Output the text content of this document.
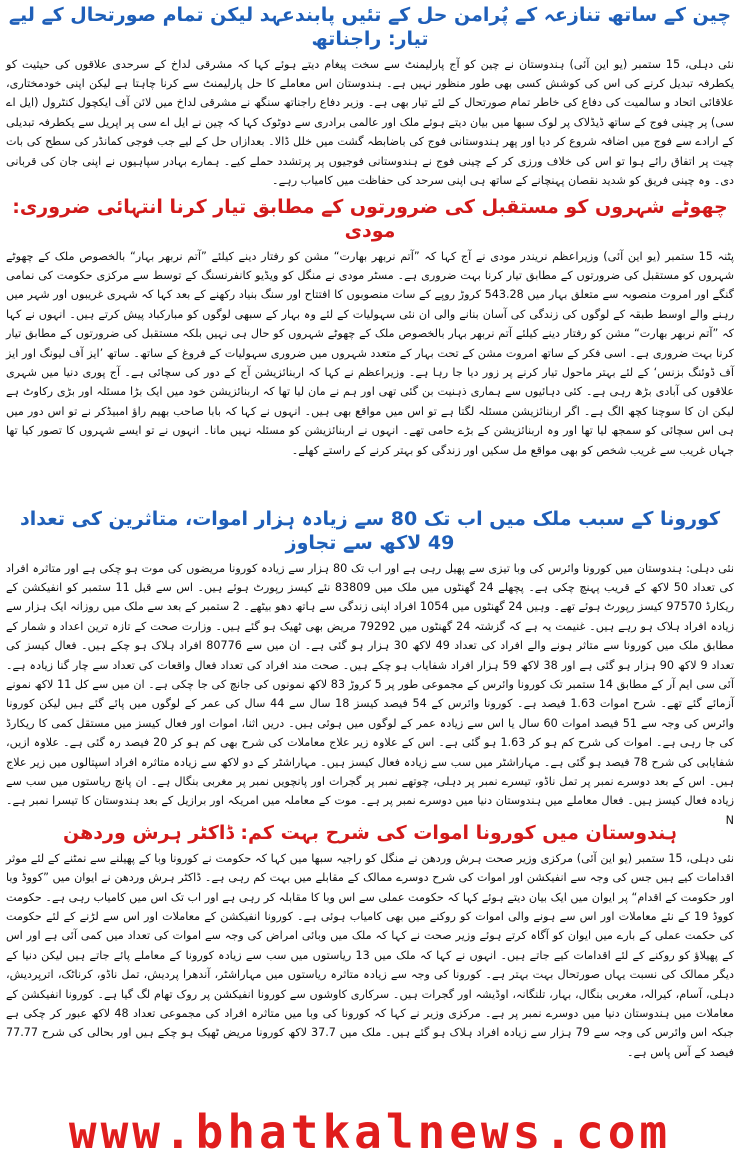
چین کے ساتھ تنازعہ کے پُرامن حل کے تئیں پابندعہد لیکن تمام صورتحال کے لیے تیار: راجناتھ

نئی دہلی، 15 ستمبر (یو این آئی) ہندوستان نے چین کو آج پارلیمنٹ سے سخت پیغام دیتے ہوئے کہا کہ مشرقی لداخ کے سرحدی علاقوں کی حیثیت کو یکطرفہ تبدیل کرنے کی اس کی کوشش کسی بھی طور منظور نہیں ہے۔ ہندوستان اس معاملے کا حل پارلیمنٹ سے کرنا چاہتا ہے لیکن اپنی خودمختاری، علاقائی اتحاد و سالمیت کی دفاع کی خاطر تمام صورتحال کے لئے تیار بھی ہے۔ وزیر دفاع راجناتھ سنگھ نے مشرقی لداخ میں لائن آف ایکچول کنٹرول (ایل اے سی) پر چینی فوج کے ساتھ ڈیڈلاک پر لوک سبھا میں بیان دیتے ہوئے ملک اور عالمی برادری سے دوٹوک کہا کہ چین نے ایل اے سی پر اپریل سے یکطرفہ تبدیلی کے ارادے سے فوج میں اضافہ شروع کر دیا اور پھر ہندوستانی فوج کی باضابطہ گشت میں خلل ڈالا۔ بعدازاں حل کے لیے جب فوجی کمانڈر کی سطح کی بات چیت پر اتفاق رائے ہوا تو اس کی خلاف ورزی کر کے چینی فوج نے ہندوستانی فوجیوں پر پرتشدد حملے کیے۔ ہمارے بہادر سپاہیوں نے اپنی جان کی قربانی دی۔ وہ چینی فریق کو شدید نقصان پہنچانے کے ساتھ ہی اپنی سرحد کی حفاظت میں کامیاب رہے۔

چھوٹے شہروں کو مستقبل کی ضرورتوں کے مطابق تیار کرنا انتہائی ضروری: مودی

پٹنہ 15 ستمبر (یو این آئی) وزیراعظم نریندر مودی نے آج کہا کہ ”آتم نربھر بھارت“ مشن کو رفتار دینے کیلئے ”آتم نربھر بہار“ بالخصوص ملک کے چھوٹے شہروں کو مستقبل کی ضرورتوں کے مطابق تیار کرنا بہت ضروری ہے۔ مسٹر مودی نے منگل کو ویڈیو کانفرنسنگ کے توسط سے مرکزی حکومت کی نمامی گنگے اور امروت منصوبہ سے متعلق بہار میں 543.28 کروڑ روپے کے سات منصوبوں کا افتتاح اور سنگ بنیاد رکھنے کے بعد کہا کہ شہری غریبوں اور شہر میں رہنے والے اوسط طبقہ کے لوگوں کی زندگی کی آسان بنانے والی ان نئی سہولیات کے لئے وہ بہار کے سبھی لوگوں کو مبارکباد پیش کرتے ہیں۔ انہوں نے کہا کہ ”آتم نربھر بھارت“ مشن کو رفتار دینے کیلئے آتم نربھر بہار بالخصوص ملک کے چھوٹے شہروں کو حال ہی نہیں بلکہ مستقبل کی ضرورتوں کے مطابق تیار کرنا بہت ضروری ہے۔ اسی فکر کے ساتھ امروت مشن کے تحت بہار کے متعدد شہروں میں ضروری سہولیات کے فروغ کے ساتھ۔ ساتھ ’ایز آف لیونگ اور ایز آف ڈوئنگ بزنس‘ کے لئے بہتر ماحول تیار کرنے پر زور دیا جا رہا ہے۔ وزیراعظم نے کہا کہ اربنائزیشن آج کے دور کی سچائی ہے۔ آج پوری دنیا میں شہری علاقوں کی آبادی بڑھ رہی ہے۔ کئی دہائیوں سے ہماری ذہنیت بن گئی تھی اور ہم نے مان لیا تھا کہ اربنائزیشن خود میں ایک بڑا مسئلہ اور بڑی رکاوٹ ہے لیکن ان کا سوچنا کچھ الگ ہے۔ اگر اربنائزیشن مسئلہ لگتا ہے تو اس میں مواقع بھی ہیں۔ انہوں نے کہا کہ بابا صاحب بھیم راؤ امبیڈکر نے تو اس دور میں ہی اس سچائی کو سمجھ لیا تھا اور وہ اربنائزیشن کے بڑے حامی تھے۔ انہوں نے اربنائزیشن کو مسئلہ نہیں مانا۔ انہوں نے تو ایسے شہروں کا تصور کیا تھا جہاں غریب سے غریب شخص کو بھی مواقع مل سکیں اور زندگی کو بہتر کرنے کے راستے کھلے۔

کورونا کے سبب ملک میں اب تک 80 سے زیادہ ہزار اموات، متاثرین کی تعداد 49 لاکھ سے تجاوز

نئی دہلی: ہندوستان میں کورونا وائرس کی وبا تیزی سے پھیل رہی ہے اور اب تک 80 ہزار سے زیادہ کورونا مریضوں کی موت ہو چکی ہے اور متاثرہ افراد کی تعداد 50 لاکھ کے قریب پہنچ چکی ہے۔ پچھلے 24 گھنٹوں میں ملک میں 83809 نئے کیسز رپورٹ ہوئے ہیں۔ اس سے قبل 11 ستمبر کو انفیکشن کے ریکارڈ 97570 کیسز رپورٹ ہوئے تھے۔ وہیں 24 گھنٹوں میں 1054 افراد اپنی زندگی سے ہاتھ دھو بیٹھے۔ 2 ستمبر کے بعد سے ملک میں روزانہ ایک ہزار سے زیادہ افراد ہلاک ہو رہے ہیں۔ غنیمت یہ ہے کہ گزشتہ 24 گھنٹوں میں 79292 مریض بھی ٹھیک ہو گئے ہیں۔ وزارت صحت کے تازہ ترین اعداد و شمار کے مطابق ملک میں کورونا سے متاثر ہونے والے افراد کی تعداد 49 لاکھ 30 ہزار ہو گئی ہے۔ ان میں سے 80776 افراد ہلاک ہو چکے ہیں۔ فعال کیسز کی تعداد 9 لاکھ 90 ہزار ہو گئی ہے اور 38 لاکھ 59 ہزار افراد شفایاب ہو چکے ہیں۔ صحت مند افراد کی تعداد فعال واقعات کی تعداد سے چار گنا زیادہ ہے۔ آئی سی ایم آر کے مطابق 14 ستمبر تک کورونا وائرس کے مجموعی طور پر 5 کروڑ 83 لاکھ نمونوں کی جانچ کی جا چکی ہے۔ ان میں سے کل 11 لاکھ نمونے آزمائے گئے تھے۔ شرح اموات 1.63 فیصد ہے۔ کورونا وائرس کے 54 فیصد کیسز 18 سال سے 44 سال کی عمر کے لوگوں میں پائے گئے ہیں لیکن کورونا وائرس کی وجہ سے 51 فیصد اموات 60 سال یا اس سے زیادہ عمر کے لوگوں میں ہوئی ہیں۔ دریں اثنا، اموات اور فعال کیسز میں مستقل کمی کا ریکارڈ کی جا رہی ہے۔ اموات کی شرح کم ہو کر 1.63 ہو گئی ہے۔ اس کے علاوہ زیر علاج معاملات کی شرح بھی کم ہو کر 20 فیصد رہ گئی ہے۔ علاوہ ازیں، شفایابی کی شرح 78 فیصد ہو گئی ہے۔ مہاراشٹر میں سب سے زیادہ فعال کیسز ہیں۔ مہاراشٹر کے دو لاکھ سے زیادہ متاثرہ افراد اسپتالوں میں زیر علاج ہیں۔ اس کے بعد دوسرے نمبر پر تمل ناڈو، تیسرے نمبر پر دہلی، چوتھے نمبر پر گجرات اور پانچویں نمبر پر مغربی بنگال ہے۔ ان پانچ ریاستوں میں سب سے زیادہ فعال کیسز ہیں۔ فعال معاملے میں ہندوستان دنیا میں دوسرے نمبر پر ہے۔ موت کے معاملہ میں امریکہ اور برازیل کے بعد ہندوستان کا تیسرا نمبر ہے۔ N

ہندوستان میں کورونا اموات کی شرح بہت کم: ڈاکٹر ہرش وردھن

نئی دہلی، 15 ستمبر (یو این آئی) مرکزی وزیر صحت ہرش وردھن نے منگل کو راجیہ سبھا میں کہا کہ حکومت نے کورونا وبا کے پھیلنے سے نمٹنے کے لئے موثر اقدامات کیے ہیں جس کی وجہ سے انفیکشن اور اموات کی شرح دوسرے ممالک کے مقابلے میں بہت کم رہی ہے۔ ڈاکٹر ہرش وردھن نے ایوان میں ”کووڈ وبا اور حکومت کے اقدام“ پر ایوان میں ایک بیان دیتے ہوئے کہا کہ حکومت عملی سے اس وبا کا مقابلہ کر رہی ہے اور اب تک اس میں کامیاب رہی ہے۔ حکومت کووڈ 19 کے نئے معاملات اور اس سے ہونے والی اموات کو روکنے میں بھی کامیاب ہوئی ہے۔ کورونا انفیکشن کے معاملات اور اس سے لڑنے کے لئے حکومت کی حکمت عملی کے بارے میں ایوان کو آگاہ کرتے ہوئے وزیر صحت نے کہا کہ ملک میں وبائی امراض کی وجہ سے اموات کی تعداد میں کمی آئی ہے اور اس کے پھیلاؤ کو روکنے کے لئے اقدامات کیے جاتے ہیں۔ انہوں نے کہا کہ ملک میں 13 ریاستوں میں سب سے زیادہ کورونا کے معاملے پائے جاتے ہیں لیکن دنیا کے دیگر ممالک کی نسبت یہاں صورتحال بہت بہتر ہے۔ کورونا کی وجہ سے زیادہ متاثرہ ریاستوں میں مہاراشٹر، آندھرا پردیش، تمل ناڈو، کرناٹک، اترپردیش، دہلی، آسام، کیرالہ، مغربی بنگال، بہار، تلنگانہ، اوڈیشہ اور گجرات ہیں۔ سرکاری کاوشوں سے کورونا انفیکشن پر روک تھام لگ گیا ہے۔ کورونا انفیکشن کے معاملات میں ہندوستان دنیا میں دوسرے نمبر پر ہے۔ مرکزی وزیر نے کہا کہ کورونا کی وبا میں متاثرہ افراد کی مجموعی تعداد 48 لاکھ عبور کر چکی ہے جبکہ اس وائرس کی وجہ سے 79 ہزار سے زیادہ افراد ہلاک ہو گئے ہیں۔ ملک میں 37.7 لاکھ کورونا مریض ٹھیک ہو چکے ہیں اور بحالی کی شرح 77.77 فیصد کے آس پاس ہے۔

www.bhatkalnews.com
